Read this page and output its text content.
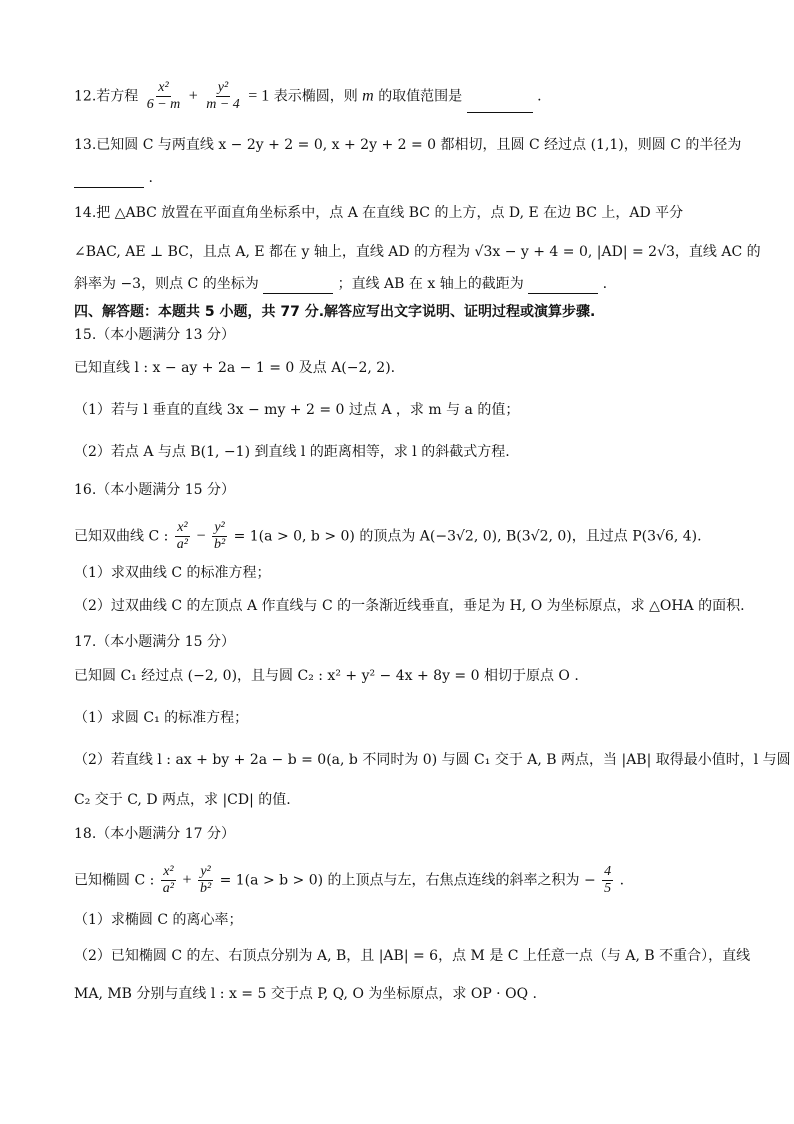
12.若方程 $\frac{\text{x²}}{6 - m} + \frac{\text{y²}}{m - 4} = 1$ 表示椭圆，则 m 的取值范围是	.
13.已知圆 C 与两直线 x − 2y + 2 = 0, x + 2y + 2 = 0 都相切，且圆 C 经过点 (1,1)，则圆 C 的半径为
.
14.把 △ABC 放置在平面直角坐标系中，点 A 在直线 BC 的上方，点 D, E 在边 BC 上，AD 平分
∠BAC, AE ⊥ BC，且点 A, E 都在 y 轴上，直线 AD 的方程为 √3x − y + 4 = 0, |AD| = 2√3，直线 AC 的
斜率为 −3，则点 C 的坐标为	；直线 AB 在 x 轴上的截距为	.
四、解答题：本题共 5 小题，共 77 分.解答应写出文字说明、证明过程或演算步骤.
15.（本小题满分 13 分）
已知直线 l : x − ay + 2a − 1 = 0 及点 A(−2, 2).
（1）若与 l 垂直的直线 3x − my + 2 = 0 过点 A ，求 m 与 a 的值；
（2）若点 A 与点 B(1, −1) 到直线 l 的距离相等，求 l 的斜截式方程.
16.（本小题满分 15 分）
已知双曲线 C : $\frac{\text{x²}}{\text{a²}} - \frac{\text{y²}}{\text{b²}} = 1(a > 0$, b > 0) 的顶点为 A(−3√2, 0), B(3√2, 0)，且过点 P(3√6, 4).
（1）求双曲线 C 的标准方程；
（2）过双曲线 C 的左顶点 A 作直线与 C 的一条渐近线垂直，垂足为 H, O 为坐标原点，求 △OHA 的面积.
17.（本小题满分 15 分）
已知圆 C₁ 经过点 (−2, 0)，且与圆 C₂ : x² + y² − 4x + 8y = 0 相切于原点 O .
（1）求圆 C₁ 的标准方程；
（2）若直线 l : ax + by + 2a − b = 0(a, b 不同时为 0) 与圆 C₁ 交于 A, B 两点，当 |AB| 取得最小值时，l 与圆
C₂ 交于 C, D 两点，求 |CD| 的值.
18.（本小题满分 17 分）
已知椭圆 C : $\frac{\text{x²}}{\text{a²}} + \frac{\text{y²}}{\text{b²}} = 1(a > b > 0)$ 的上顶点与左，右焦点连线的斜率之积为 − $\frac{4}{5}$ .
（1）求椭圆 C 的离心率；
（2）已知椭圆 C 的左、右顶点分别为 A, B，且 |AB| = 6，点 M 是 C 上任意一点（与 A, B 不重合），直线
MA, MB 分别与直线 l : x = 5 交于点 P, Q, O 为坐标原点，求 OP · OQ .
